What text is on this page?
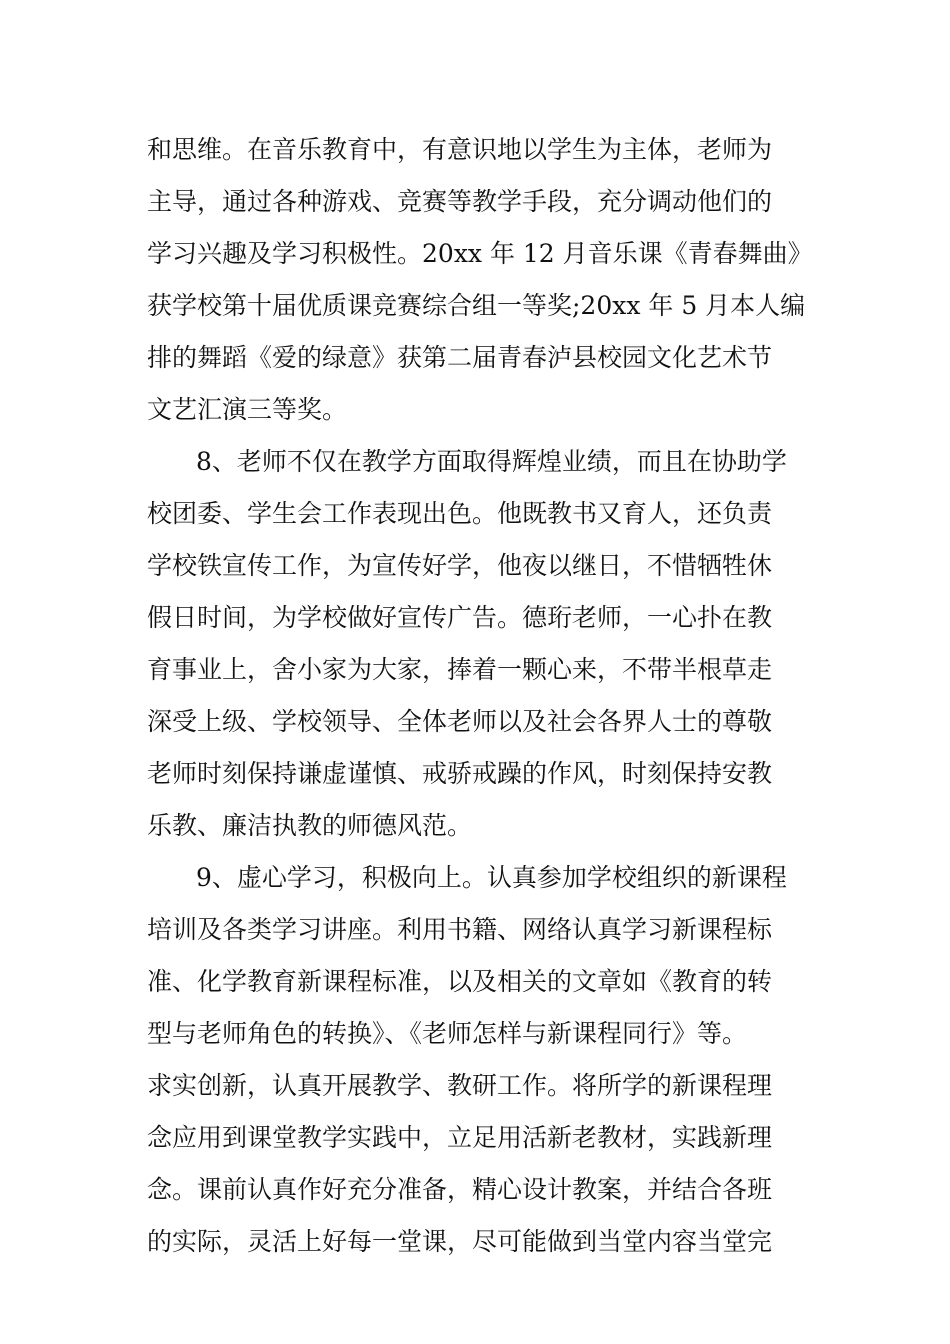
和思维。在音乐教育中，有意识地以学生为主体，老师为
主导，通过各种游戏、竞赛等教学手段，充分调动他们的
学习兴趣及学习积极性。20xx 年 12 月音乐课《青春舞曲》
获学校第十届优质课竞赛综合组一等奖;20xx 年 5 月本人编
排的舞蹈《爱的绿意》获第二届青春泸县校园文化艺术节
文艺汇演三等奖。
8、老师不仅在教学方面取得辉煌业绩，而且在协助学
校团委、学生会工作表现出色。他既教书又育人，还负责
学校铁宣传工作，为宣传好学，他夜以继日，不惜牺牲休
假日时间，为学校做好宣传广告。德珩老师，一心扑在教
育事业上，舍小家为大家，捧着一颗心来，不带半根草走
深受上级、学校领导、全体老师以及社会各界人士的尊敬
老师时刻保持谦虚谨慎、戒骄戒躁的作风，时刻保持安教
乐教、廉洁执教的师德风范。
9、虚心学习，积极向上。认真参加学校组织的新课程
培训及各类学习讲座。利用书籍、网络认真学习新课程标
准、化学教育新课程标准，以及相关的文章如《教育的转
型与老师角色的转换》、《老师怎样与新课程同行》等。
求实创新，认真开展教学、教研工作。将所学的新课程理
念应用到课堂教学实践中，立足用活新老教材，实践新理
念。课前认真作好充分准备，精心设计教案，并结合各班
的实际，灵活上好每一堂课，尽可能做到当堂内容当堂完
